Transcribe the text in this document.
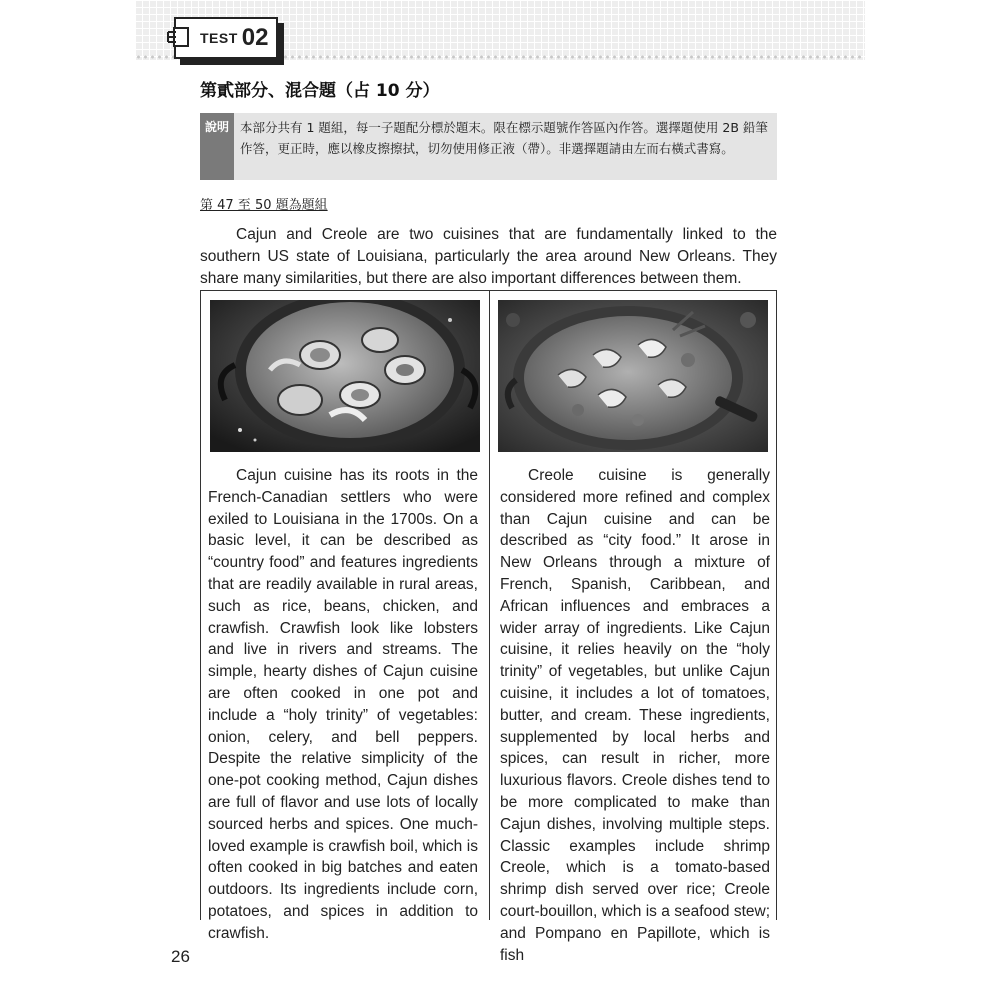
TEST 02
第貳部分、混合題（占 10 分）
說明 本部分共有 1 題組，每一子題配分標於題末。限在標示題號作答區內作答。選擇題使用 2B 鉛筆作答，更正時，應以橡皮擦擦拭，切勿使用修正液（帶）。非選擇題請由左而右橫式書寫。
第 47 至 50 題為題組
Cajun and Creole are two cuisines that are fundamentally linked to the southern US state of Louisiana, particularly the area around New Orleans. They share many similarities, but there are also important differences between them.

Cajun cuisine has its roots in the French-Canadian settlers who were exiled to Louisiana in the 1700s. On a basic level, it can be described as “country food” and features ingredients that are readily available in rural areas, such as rice, beans, chicken, and crawfish. Crawfish look like lobsters and live in rivers and streams. The simple, hearty dishes of Cajun cuisine are often cooked in one pot and include a “holy trinity” of vegetables: onion, celery, and bell peppers. Despite the relative simplicity of the one-pot cooking method, Cajun dishes are full of flavor and use lots of locally sourced herbs and spices. One much-loved example is crawfish boil, which is often cooked in big batches and eaten outdoors. Its ingredients include corn, potatoes, and spices in addition to crawfish.

Creole cuisine is generally considered more refined and complex than Cajun cuisine and can be described as “city food.” It arose in New Orleans through a mixture of French, Spanish, Caribbean, and African influences and embraces a wider array of ingredients. Like Cajun cuisine, it relies heavily on the “holy trinity” of vegetables, but unlike Cajun cuisine, it includes a lot of tomatoes, butter, and cream. These ingredients, supplemented by local herbs and spices, can result in richer, more luxurious flavors. Creole dishes tend to be more complicated to make than Cajun dishes, involving multiple steps. Classic examples include shrimp Creole, which is a tomato-based shrimp dish served over rice; Creole court-bouillon, which is a seafood stew; and Pompano en Papillote, which is fish

26
